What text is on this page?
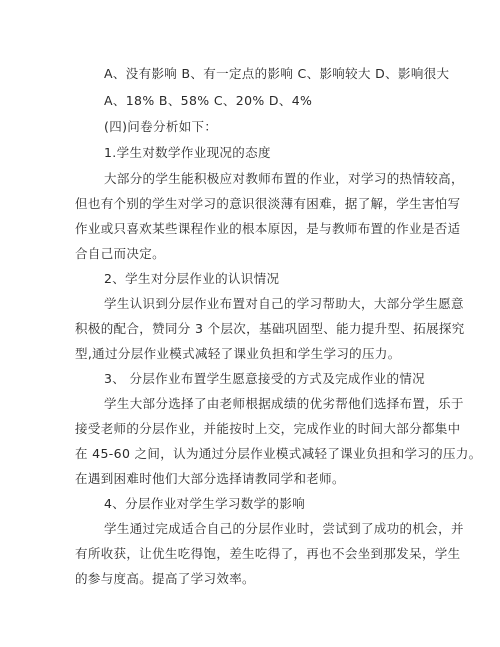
A、没有影响 B、有一定点的影响 C、影响较大 D、影响很大
A、18% B、58% C、20% D、4%
(四)问卷分析如下：
1.学生对数学作业现况的态度
大部分的学生能积极应对教师布置的作业，对学习的热情较高，
但也有个别的学生对学习的意识很淡薄有困难，据了解，学生害怕写
作业或只喜欢某些课程作业的根本原因，是与教师布置的作业是否适
合自己而决定。
2、学生对分层作业的认识情况
学生认识到分层作业布置对自己的学习帮助大，大部分学生愿意
积极的配合，赞同分 3 个层次，基础巩固型、能力提升型、拓展探究
型,通过分层作业模式减轻了课业负担和学生学习的压力。
3、 分层作业布置学生愿意接受的方式及完成作业的情况
学生大部分选择了由老师根据成绩的优劣帮他们选择布置，乐于
接受老师的分层作业，并能按时上交，完成作业的时间大部分都集中
在 45-60 之间，认为通过分层作业模式减轻了课业负担和学习的压力。
在遇到困难时他们大部分选择请教同学和老师。
4、分层作业对学生学习数学的影响
学生通过完成适合自己的分层作业时，尝试到了成功的机会，并
有所收获，让优生吃得饱，差生吃得了，再也不会坐到那发呆，学生
的参与度高。提高了学习效率。
